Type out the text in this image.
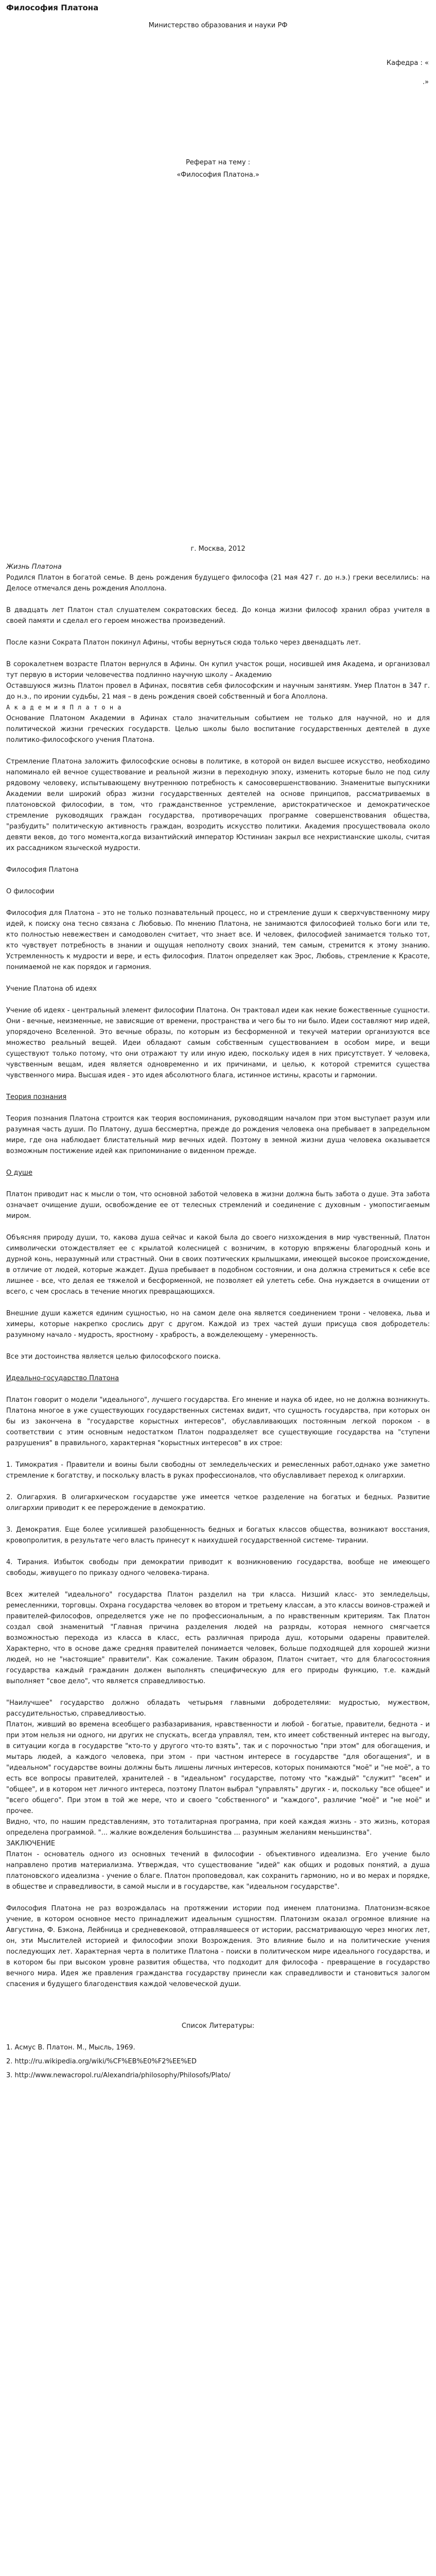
Философия Платона
Министерство образования и науки РФ
Кафедра : «
.»
Реферат на тему :
«Философия Платона.»
г. Москва, 2012

Жизнь Платона

Родился Платон в богатой семье. В день рождения будущего философа (21 мая 427 г. до н.э.) греки веселились: на Делосе отмечался день рождения Аполлона.

В двадцать лет Платон стал слушателем сократовских бесед. До конца жизни философ хранил образ учителя в своей памяти и сделал его героем множества произведений.

После казни Сократа Платон покинул Афины, чтобы вернуться сюда только через двенадцать лет.

В сорокалетнем возрасте Платон вернулся в Афины. Он купил участок рощи, носившей имя Академа, и организовал тут первую в истории человечества подлинно научную школу – Академию

Оставшуюся жизнь Платон провел в Афинах, посвятив себя философским и научным занятиям. Умер Платон в 347 г. до н.э., по иронии судьбы, 21 мая – в день рождения своей собственный и бога Аполлона.

А к а д е м и я П л а т о н а

Основание Платоном Академии в Афинах стало значительным событием не только для научной, но и для политической жизни греческих государств. Целью школы было воспитание государственных деятелей в духе политико-философского учения Платона.

Стремление Платона заложить философские основы в политике, в которой он видел высшее искусство, необходимо напоминало ей вечное существование и реальной жизни в переходную эпоху, изменить которые было не под силу рядовому человеку, испытывающему внутреннюю потребность к самосовершенствованию. Знаменитые выпускники Академии вели широкий образ жизни государственных деятелей на основе принципов, рассматриваемых в платоновской философии, в том, что гражданственное устремление, аристократическое и демократическое стремление руководящих граждан государства, противоречащих программе совершенствования общества, "разбудить" политическую активность граждан, возродить искусство политики. Академия просуществовала около девяти веков, до того момента,когда византийский император Юстиниан закрыл все нехристианские школы, считая их рассадником языческой мудрости.

Философия Платона

О философии

Философия для Платона – это не только познавательный процесс, но и стремление души к сверхчувственному миру идей, к поиску она тесно связана с Любовью. По мнению Платона, не занимаются философией только боги или те, кто полностью невежествен и самодоволен считает, что знает все. И человек, философией занимается только тот, кто чувствует потребность в знании и ощущая неполноту своих знаний, тем самым, стремится к этому знанию. Устремленность к мудрости и вере, и есть философия. Платон определяет как Эрос, Любовь, стремление к Красоте, понимаемой не как порядок и гармония.

Учение Платона об идеях

Учение об идеях - центральный элемент философии Платона. Он трактовал идеи как некие божественные сущности. Они - вечные, неизменные, не зависящие от времени, пространства и чего бы то ни было. Идеи составляют мир идей, упорядочено Вселенной. Это вечные образы, по которым из бесформенной и текучей материи организуются все множество реальный вещей. Идеи обладают самым собственным существованием в особом мире, и вещи существуют только потому, что они отражают ту или иную идею, поскольку идея в них присутствует. У человека, чувственным вещам, идея является одновременно и их причинами, и целью, к которой стремится существа чувственного мира. Высшая идея - это идея абсолютного блага, истинное истины, красоты и гармонии.

Теория познания

Теория познания Платона строится как теория воспоминания, руководящим началом при этом выступает разум или разумная часть души. По Платону, душа бессмертна, прежде до рождения человека она пребывает в запредельном мире, где она наблюдает блистательный мир вечных идей. Поэтому в земной жизни душа человека оказывается возможным постижение идей как припоминание о виденном прежде.

О душе

Платон приводит нас к мысли о том, что основной заботой человека в жизни должна быть забота о душе. Эта забота означает очищение души, освобождение ее от телесных стремлений и соединение с духовным - умопостигаемым миром.

Объясняя природу души, то, какова душа сейчас и какой была до своего низхождения в мир чувственный, Платон символически отождествляет ее с крылатой колесницей с возничим, в которую впряжены благородный конь и дурной конь, неразумный или страстный. Они в своих поэтических крылышками, имеющей высокое происхождение, в отличие от людей, которые жаждет. Душа пребывает в подобном состоянии, и она должна стремиться к себе все лишнее - все, что делая ее тяжелой и бесформенной, не позволяет ей улететь себе. Она нуждается в очищении от всего, с чем срослась в течение многих превращающихся.

Внешние души кажется единим сущностью, но на самом деле она является соединением трони - человека, льва и химеры, которые накрепко срослись друг с другом. Каждой из трех частей души присуща своя добродетель: разумному начало - мудрость, яростному - храбрость, а вожделеющему - умеренность.

Все эти достоинства является целью философского поиска.

Идеально-государство Платона

Платон говорит о модели "идеального", лучшего государства. Его мнение и наука об идее, но не должна возникнуть. Платона многое в уже существующих государственных системах видит, что сущность государства, при которых он бы из закончена в "государстве корыстных интересов", обуславливающих постоянным легкой пороком - в соответствии с этим основным недостатком Платон подразделяет все существующие государства на "ступени разрушения" в правильного, характерная "корыстных интересов" в их строе:

1. Тимократия - Правители и воины были свободны от земледельческих и ремесленных работ,однако уже заметно стремление к богатству, и поскольку власть в руках профессионалов, что обуславливает переход к олигархии.

2. Олигархия. В олигархическом государстве уже имеется четкое разделение на богатых и бедных. Развитие олигархии приводит к ее перерождение в демократию.

3. Демократия. Еще более усилившей разобщенность бедных и богатых классов общества, возникают восстания, кровопролития, в результате чего власть принесут к наихудшей государственной системе- тирании.

4. Тирания. Избыток свободы при демократии приводит к возникновению государства, вообще не имеющего свободы, живущего по приказу одного человека-тирана.

Всех жителей "идеального" государства Платон разделил на три класса. Низший класс- это земледельцы, ремесленники, торговцы. Охрана государства человек во втором и третьему классам, а это классы воинов-стражей и правителей-философов, определяется уже не по профессиональным, а по нравственным критериям. Так Платон создал свой знаменитый "Главная причина разделения людей на разряды, которая немного смягчается возможностью перехода из класса в класс, есть различная природа душ, которыми одарены правителей. Характерно, что в основе даже средняя правителей понимается человек, больше подходящей для хорошей жизни людей, но не "настоящие" правители". Как сожаление. Таким образом, Платон считает, что для благосостояния государства каждый гражданин должен выполнять специфическую для его природы функцию, т.е. каждый выполняет "свое дело", что является справедливостью.

"Наилучшее" государство должно обладать четырьмя главными добродетелями: мудростью, мужеством, рассудительностью, справедливостью.

Платон, живший во времена всеобщего разбазаривания, нравственности и любой - богатые, правители, беднота - и при этом нельзя ни одного, ни других не спускать, всегда управлял, тем, кто имеет собственный интерес на выгоду, в ситуации когда в государстве "кто-то у другого что-то взять", так и с порочностью "при этом" для обогащения, и мытарь людей, а каждого человека, при этом - при частном интересе в государстве "для обогащения", и в "идеальном" государстве воины должны быть лишены личных интересов, которых понимаются "моё" и "не моё", а то есть все вопросы правителей, хранителей - в "идеальном" государстве, потому что "каждый" "служит" "всем" и "общее", и в котором нет личного интереса, поэтому Платон выбрал "управлять" других - и, поскольку "все общее" и "всего общего". При этом в той же мере, что и своего "собственного" и "каждого", различие "моё" и "не моё" и прочее.

Видно, что, по нашим представлениям, это тоталитарная программа, при коей каждая жизнь - это жизнь, которая определена программой. "... жалкие вожделения большинства ... разумным желаниям меньшинства".

ЗАКЛЮЧЕНИЕ

Платон - основатель одного из основных течений в философии - объективного идеализма. Его учение было направлено против материализма. Утверждая, что существование "идей" как общих и родовых понятий, а душа платоновского идеализма - учение о благе. Платон проповедовал, как сохранить гармонию, но и во мерах и порядке, в обществе и справедливости, в самой мысли и в государстве, как "идеальном государстве".

Философия Платона не раз возрождалась на протяжении истории под именем платонизма. Платонизм-всякое учение, в котором основное место принадлежит идеальным сущностям. Платонизм оказал огромное влияние на Августина, Ф. Бэкона, Лейбница и средневековой, отправлявшееся от истории, рассматривающую через многих лет, он, эти Мыслителей историей и философии эпохи Возрождения. Это влияние было и на политические учения последующих лет. Характерная черта в политике Платона - поиски в политическом мире идеального государства, и в котором бы при высоком уровне развития общества, что подходит для философа - превращение в государство вечного мира. Идея же правления гражданства государству принесли как справедливости и становиться залогом спасения и будущего благоденствия каждой человеческой души.

Список Литературы:
1. Асмус В. Платон. М., Мысль, 1969.
2. http://ru.wikipedia.org/wiki/%CF%EB%E0%F2%EE%ED
3. http://www.newacropol.ru/Alexandria/philosophy/Philosofs/Plato/
